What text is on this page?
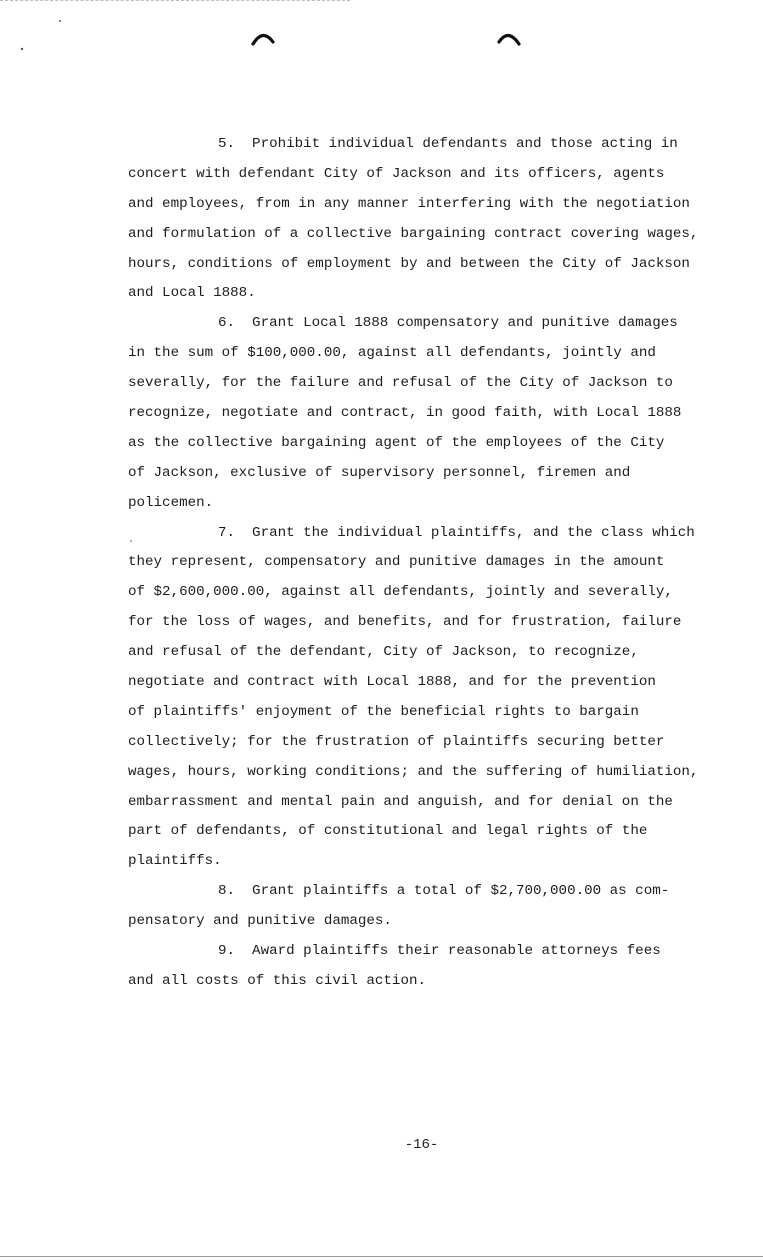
5.  Prohibit individual defendants and those acting in
concert with defendant City of Jackson and its officers, agents
and employees, from in any manner interfering with the negotiation
and formulation of a collective bargaining contract covering wages,
hours, conditions of employment by and between the City of Jackson
and Local 1888.
6.  Grant Local 1888 compensatory and punitive damages
in the sum of $100,000.00, against all defendants, jointly and
severally, for the failure and refusal of the City of Jackson to
recognize, negotiate and contract, in good faith, with Local 1888
as the collective bargaining agent of the employees of the City
of Jackson, exclusive of supervisory personnel, firemen and
policemen.
7.  Grant the individual plaintiffs, and the class which
they represent, compensatory and punitive damages in the amount
of $2,600,000.00, against all defendants, jointly and severally,
for the loss of wages, and benefits, and for frustration, failure
and refusal of the defendant, City of Jackson, to recognize,
negotiate and contract with Local 1888, and for the prevention
of plaintiffs' enjoyment of the beneficial rights to bargain
collectively; for the frustration of plaintiffs securing better
wages, hours, working conditions; and the suffering of humiliation,
embarrassment and mental pain and anguish, and for denial on the
part of defendants, of constitutional and legal rights of the
plaintiffs.
8.  Grant plaintiffs a total of $2,700,000.00 as com-
pensatory and punitive damages.
9.  Award plaintiffs their reasonable attorneys fees
and all costs of this civil action.
-16-
